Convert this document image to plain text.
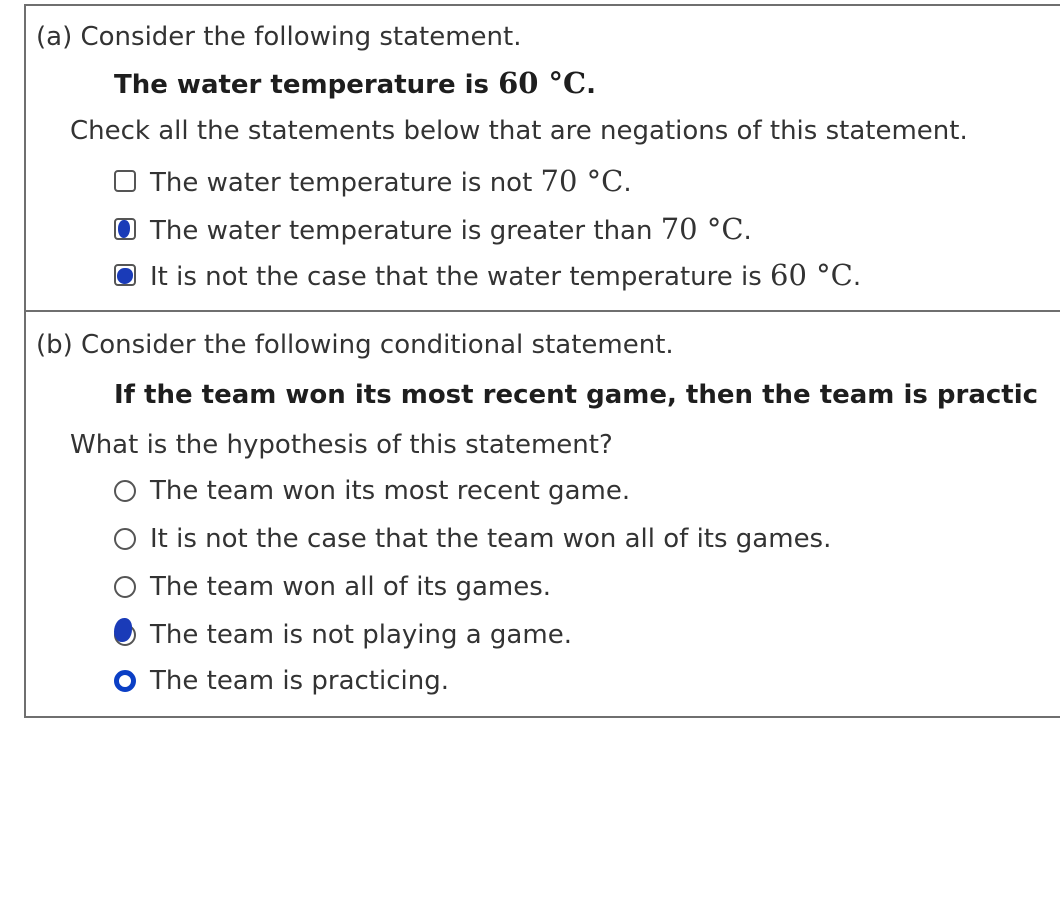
(a) Consider the following statement.
The water temperature is 60 °C.
Check all the statements below that are negations of this statement.
The water temperature is not 70 °C.
The water temperature is greater than 70 °C.
It is not the case that the water temperature is 60 °C.
(b) Consider the following conditional statement.
If the team won its most recent game, then the team is practic
What is the hypothesis of this statement?
The team won its most recent game.
It is not the case that the team won all of its games.
The team won all of its games.
The team is not playing a game.
The team is practicing.
